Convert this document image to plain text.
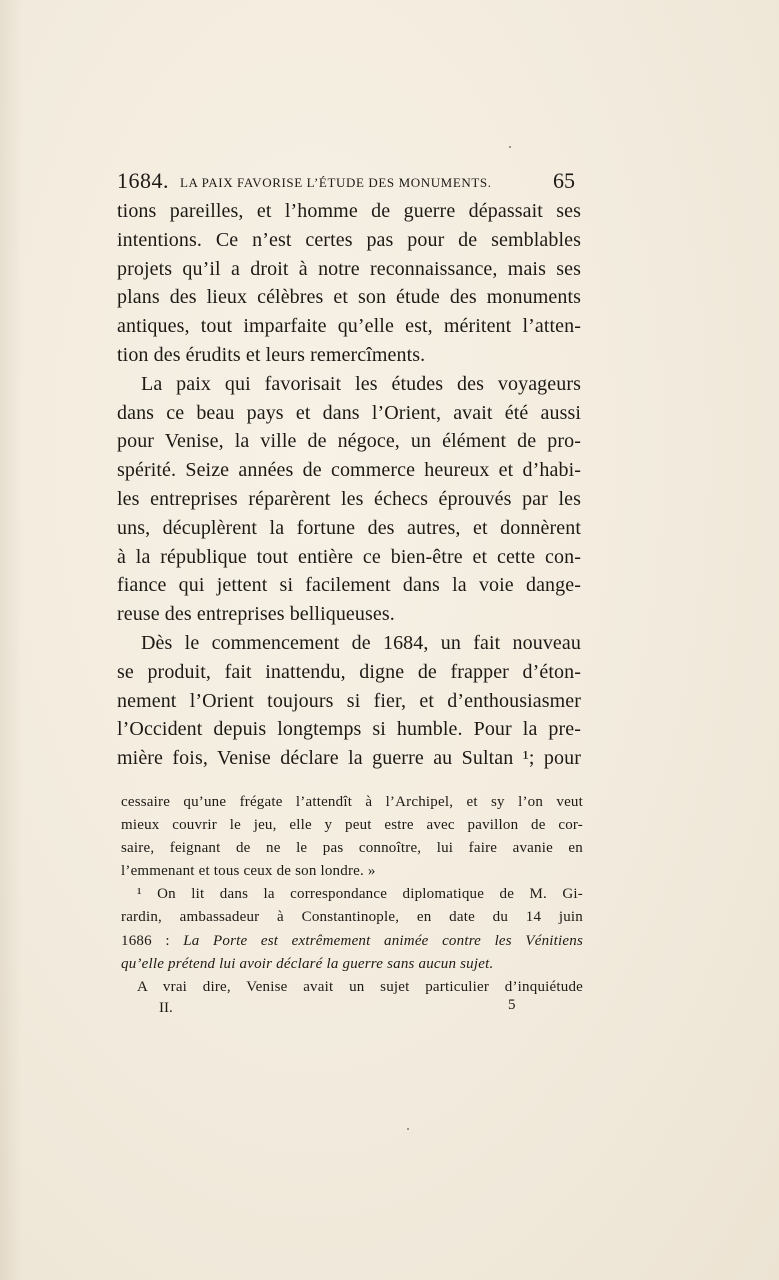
1684. LA PAIX FAVORISE L’ÉTUDE DES MONUMENTS.	65
tions pareilles, et l’homme de guerre dépassait ses
intentions. Ce n’est certes pas pour de semblables
projets qu’il a droit à notre reconnaissance, mais ses
plans des lieux célèbres et son étude des monuments
antiques, tout imparfaite qu’elle est, méritent l’atten-
tion des érudits et leurs remercîments.
La paix qui favorisait les études des voyageurs
dans ce beau pays et dans l’Orient, avait été aussi
pour Venise, la ville de négoce, un élément de pro-
spérité. Seize années de commerce heureux et d’habi-
les entreprises réparèrent les échecs éprouvés par les
uns, décuplèrent la fortune des autres, et donnèrent
à la république tout entière ce bien-être et cette con-
fiance qui jettent si facilement dans la voie dange-
reuse des entreprises belliqueuses.
Dès le commencement de 1684, un fait nouveau
se produit, fait inattendu, digne de frapper d’éton-
nement l’Orient toujours si fier, et d’enthousiasmer
l’Occident depuis longtemps si humble. Pour la pre-
mière fois, Venise déclare la guerre au Sultan ¹; pour
cessaire qu’une frégate l’attendît à l’Archipel, et sy l’on veut
mieux couvrir le jeu, elle y peut estre avec pavillon de cor-
saire, feignant de ne le pas connoître, lui faire avanie en
l’emmenant et tous ceux de son londre. »
¹ On lit dans la correspondance diplomatique de M. Gi-
rardin, ambassadeur à Constantinople, en date du 14 juin
1686 : La Porte est extrêmement animée contre les Vénitiens
qu’elle prétend lui avoir déclaré la guerre sans aucun sujet.
A vrai dire, Venise avait un sujet particulier d’inquiétude
II.	5
